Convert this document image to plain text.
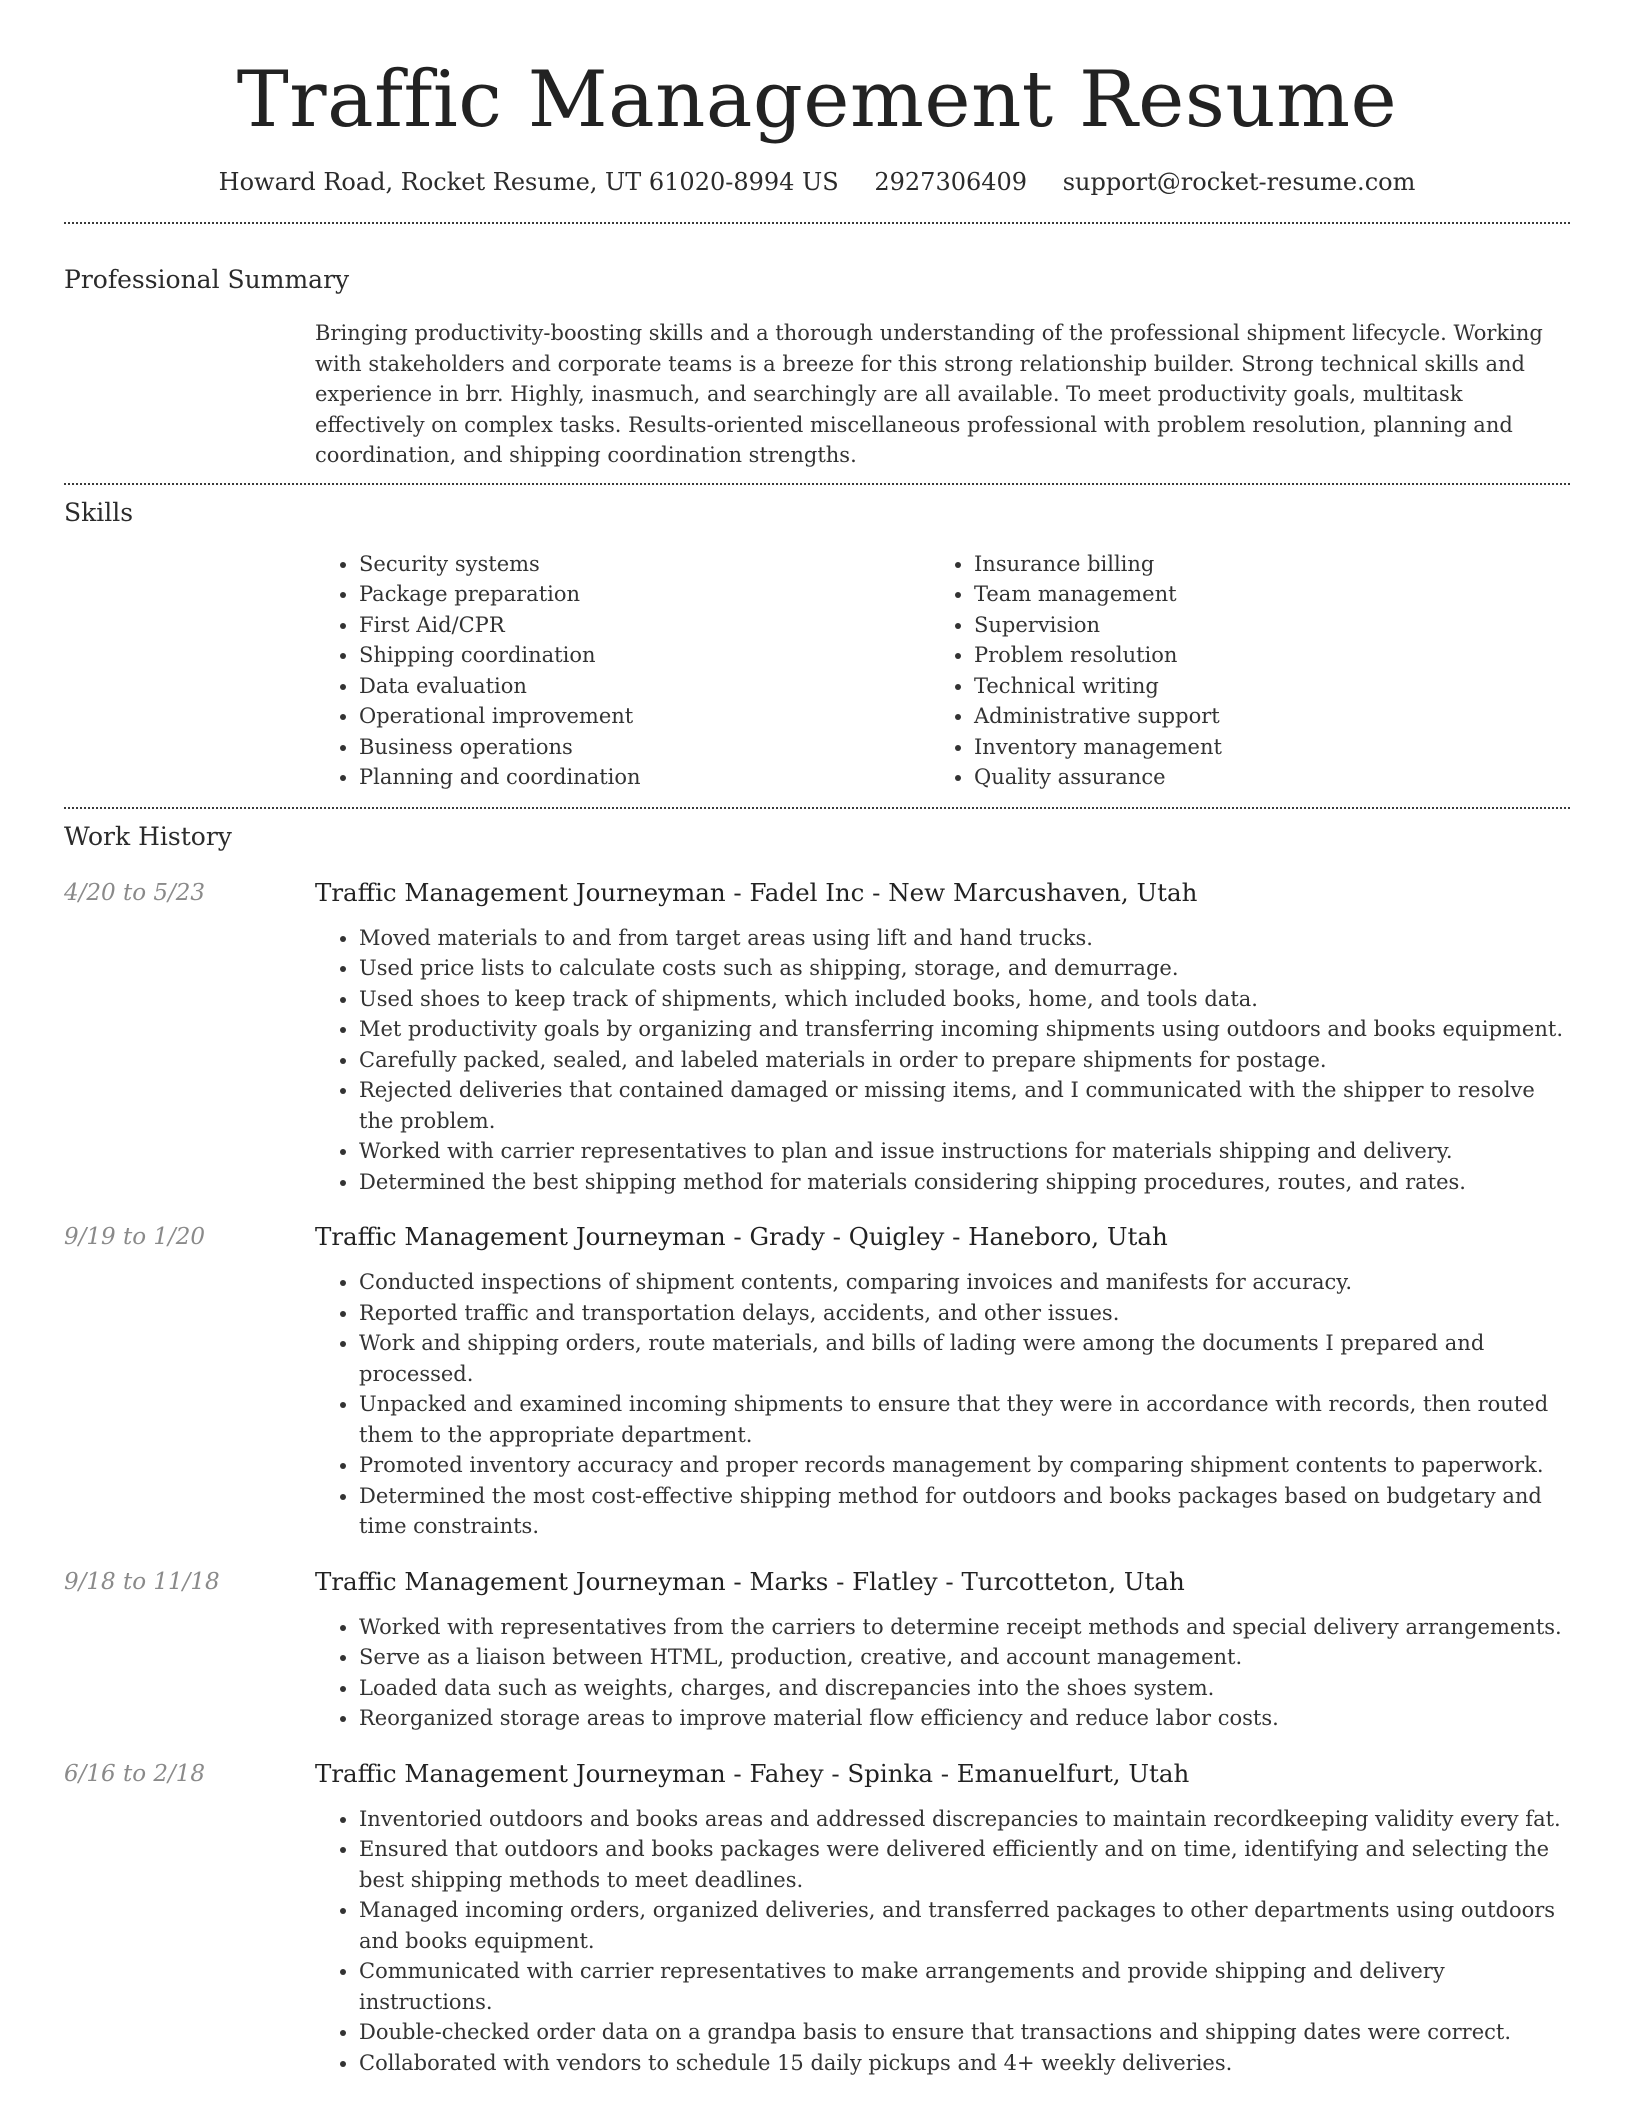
Traffic Management Resume
Howard Road, Rocket Resume, UT 61020-8994 US 2927306409 support@rocket-resume.com
Professional Summary

Bringing productivity-boosting skills and a thorough understanding of the professional shipment lifecycle. Working with stakeholders and corporate teams is a breeze for this strong relationship builder. Strong technical skills and experience in brr. Highly, inasmuch, and searchingly are all available. To meet productivity goals, multitask effectively on complex tasks. Results-oriented miscellaneous professional with problem resolution, planning and coordination, and shipping coordination strengths.

Skills
• Security systems
• Package preparation
• First Aid/CPR
• Shipping coordination
• Data evaluation
• Operational improvement
• Business operations
• Planning and coordination
• Insurance billing
• Team management
• Supervision
• Problem resolution
• Technical writing
• Administrative support
• Inventory management
• Quality assurance
Work History
4/20 to 5/23	Traffic Management Journeyman - Fadel Inc - New Marcushaven, Utah
• Moved materials to and from target areas using lift and hand trucks.
• Used price lists to calculate costs such as shipping, storage, and demurrage.
• Used shoes to keep track of shipments, which included books, home, and tools data.
• Met productivity goals by organizing and transferring incoming shipments using outdoors and books equipment.
• Carefully packed, sealed, and labeled materials in order to prepare shipments for postage.
• Rejected deliveries that contained damaged or missing items, and I communicated with the shipper to resolve the problem.
• Worked with carrier representatives to plan and issue instructions for materials shipping and delivery.
• Determined the best shipping method for materials considering shipping procedures, routes, and rates.
9/19 to 1/20	Traffic Management Journeyman - Grady - Quigley - Haneboro, Utah
• Conducted inspections of shipment contents, comparing invoices and manifests for accuracy.
• Reported traffic and transportation delays, accidents, and other issues.
• Work and shipping orders, route materials, and bills of lading were among the documents I prepared and processed.
• Unpacked and examined incoming shipments to ensure that they were in accordance with records, then routed them to the appropriate department.
• Promoted inventory accuracy and proper records management by comparing shipment contents to paperwork.
• Determined the most cost-effective shipping method for outdoors and books packages based on budgetary and time constraints.
9/18 to 11/18	Traffic Management Journeyman - Marks - Flatley - Turcotteton, Utah
• Worked with representatives from the carriers to determine receipt methods and special delivery arrangements.
• Serve as a liaison between HTML, production, creative, and account management.
• Loaded data such as weights, charges, and discrepancies into the shoes system.
• Reorganized storage areas to improve material flow efficiency and reduce labor costs.
6/16 to 2/18	Traffic Management Journeyman - Fahey - Spinka - Emanuelfurt, Utah
• Inventoried outdoors and books areas and addressed discrepancies to maintain recordkeeping validity every fat.
• Ensured that outdoors and books packages were delivered efficiently and on time, identifying and selecting the best shipping methods to meet deadlines.
• Managed incoming orders, organized deliveries, and transferred packages to other departments using outdoors and books equipment.
• Communicated with carrier representatives to make arrangements and provide shipping and delivery instructions.
• Double-checked order data on a grandpa basis to ensure that transactions and shipping dates were correct.
• Collaborated with vendors to schedule 15 daily pickups and 4+ weekly deliveries.
